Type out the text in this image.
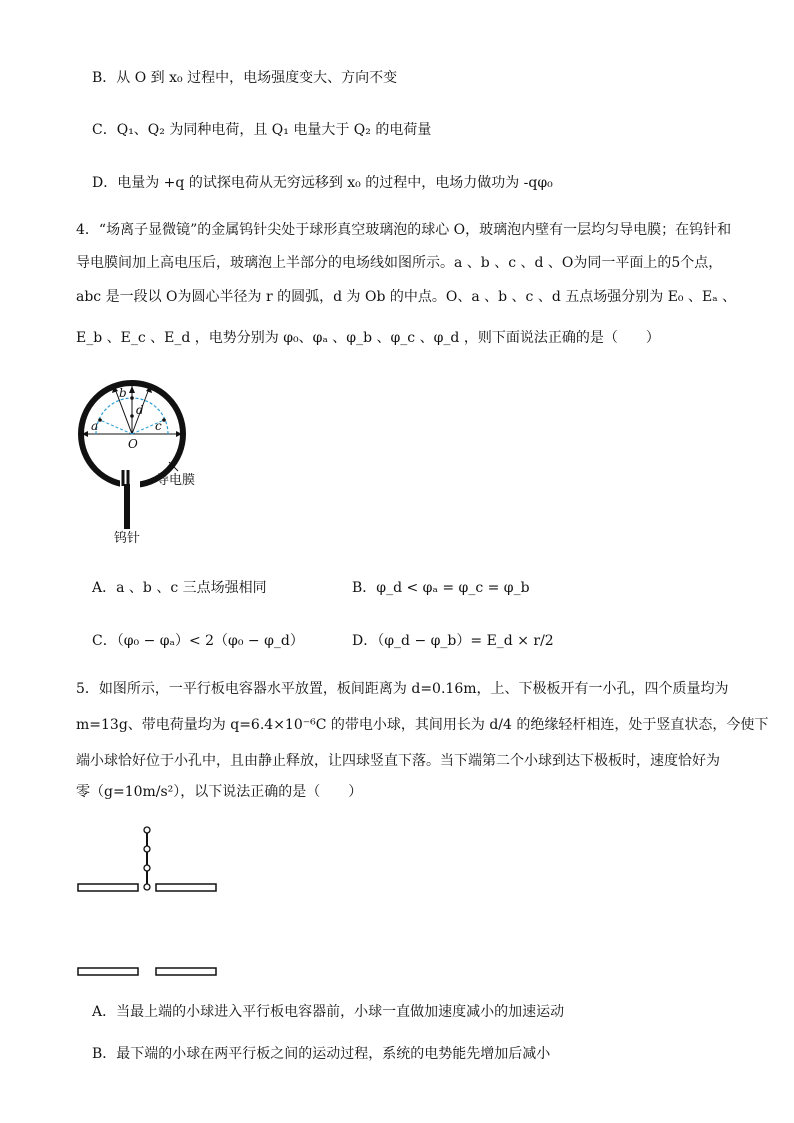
B．从 O 到 x₀ 过程中，电场强度变大、方向不变
C．Q₁、Q₂ 为同种电荷，且 Q₁ 电量大于 Q₂ 的电荷量
D．电量为 +q 的试探电荷从无穷远移到 x₀ 的过程中，电场力做功为 -qφ₀
4．“场离子显微镜”的金属钨针尖处于球形真空玻璃泡的球心 O，玻璃泡内壁有一层均匀导电膜；在钨针和
导电膜间加上高电压后，玻璃泡上半部分的电场线如图所示。a 、b 、c 、d 、O为同一平面上的5个点，
abc 是一段以 O为圆心半径为 r 的圆弧，d 为 Ob 的中点。O、a 、b 、c 、d 五点场强分别为 E₀ 、Eₐ 、
E_b 、E_c 、E_d ，电势分别为 φ₀、φₐ 、φ_b 、φ_c 、φ_d ，则下面说法正确的是（　　）
a
b
c
d
O
导电膜
钨针
A．a 、b 、c 三点场强相同	B．φ_d < φₐ = φ_c = φ_b
C．（φ₀ − φₐ）< 2（φ₀ − φ_d）	D．（φ_d − φ_b）= E_d × r/2
5．如图所示，一平行板电容器水平放置，板间距离为 d=0.16m，上、下极板开有一小孔，四个质量均为
m=13g、带电荷量均为 q=6.4×10⁻⁶C 的带电小球，其间用长为 d/4 的绝缘轻杆相连，处于竖直状态，今使下
端小球恰好位于小孔中，且由静止释放，让四球竖直下落。当下端第二个小球到达下极板时，速度恰好为
零（g=10m/s²），以下说法正确的是（　　）
A．当最上端的小球进入平行板电容器前，小球一直做加速度减小的加速运动
B．最下端的小球在两平行板之间的运动过程，系统的电势能先增加后减小
